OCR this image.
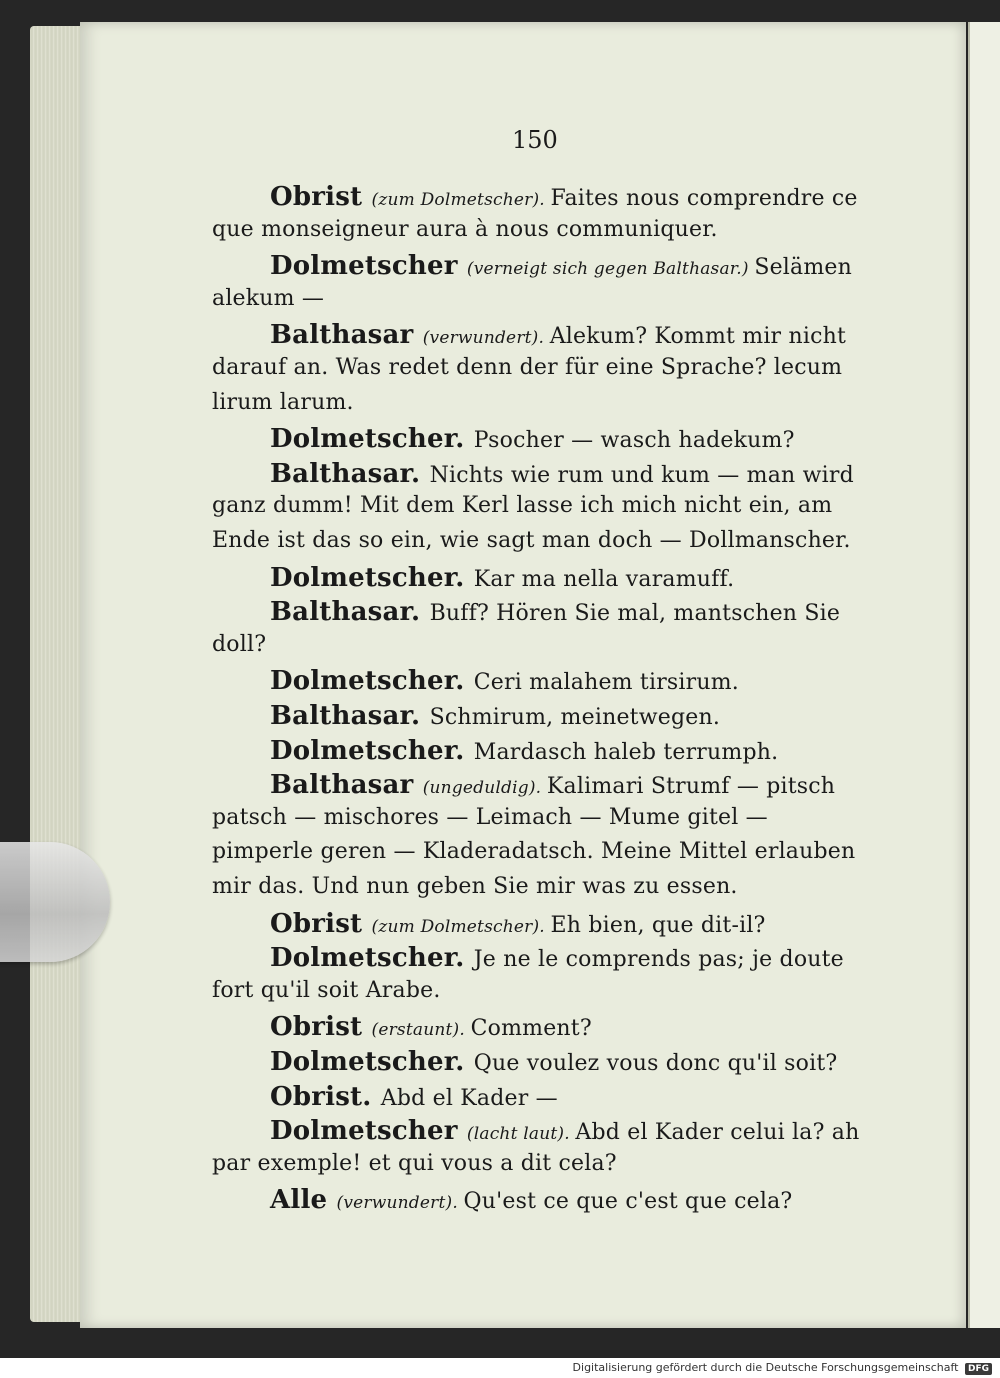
150
Obrist (zum Dolmetscher). Faites nous comprendre ce
que monseigneur aura à nous communiquer.
Dolmetscher (verneigt sich gegen Balthasar.) Selämen
alekum —
Balthasar (verwundert). Alekum? Kommt mir nicht
darauf an. Was redet denn der für eine Sprache? lecum
lirum larum.
Dolmetscher. Psocher — wasch hadekum?
Balthasar. Nichts wie rum und kum — man wird
ganz dumm! Mit dem Kerl lasse ich mich nicht ein, am
Ende ist das so ein, wie sagt man doch — Dollmanscher.
Dolmetscher. Kar ma nella varamuff.
Balthasar. Buff? Hören Sie mal, mantschen Sie
doll?
Dolmetscher. Ceri malahem tirsirum.
Balthasar. Schmirum, meinetwegen.
Dolmetscher. Mardasch haleb terrumph.
Balthasar (ungeduldig). Kalimari Strumf — pitsch
patsch — mischores — Leimach — Mume gitel —
pimperle geren — Kladeradatsch. Meine Mittel erlauben
mir das. Und nun geben Sie mir was zu essen.
Obrist (zum Dolmetscher). Eh bien, que dit-il?
Dolmetscher. Je ne le comprends pas; je doute
fort qu'il soit Arabe.
Obrist (erstaunt). Comment?
Dolmetscher. Que voulez vous donc qu'il soit?
Obrist. Abd el Kader —
Dolmetscher (lacht laut). Abd el Kader celui la? ah
par exemple! et qui vous a dit cela?
Alle (verwundert). Qu'est ce que c'est que cela?
Digitalisierung gefördert durch die Deutsche Forschungsgemeinschaft DFG
